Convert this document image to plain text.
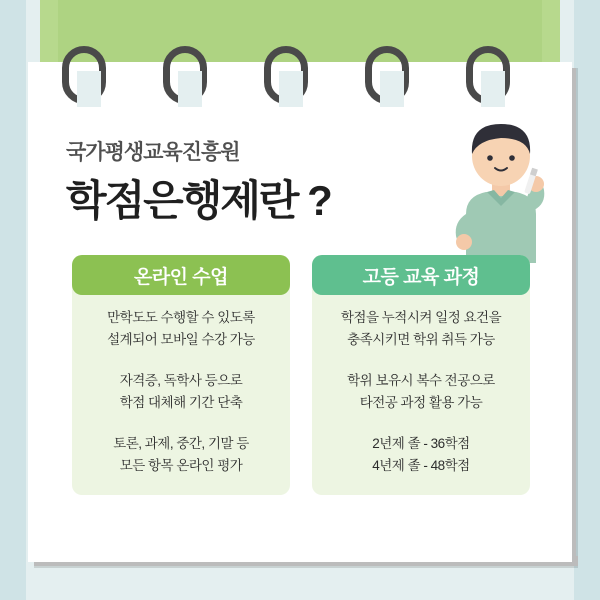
국가평생교육진흥원
학점은행제란 ?
온라인 수업

만학도도 수행할 수 있도록
설계되어 모바일 수강 가능

자격증, 독학사 등으로
학점 대체해 기간 단축

토론, 과제, 중간, 기말 등
모든 항목 온라인 평가

고등 교육 과정

학점을 누적시켜 일정 요건을
충족시키면 학위 취득 가능

학위 보유시 복수 전공으로
타전공 과정 활용 가능

2년제 졸 - 36학점
4년제 졸 - 48학점
